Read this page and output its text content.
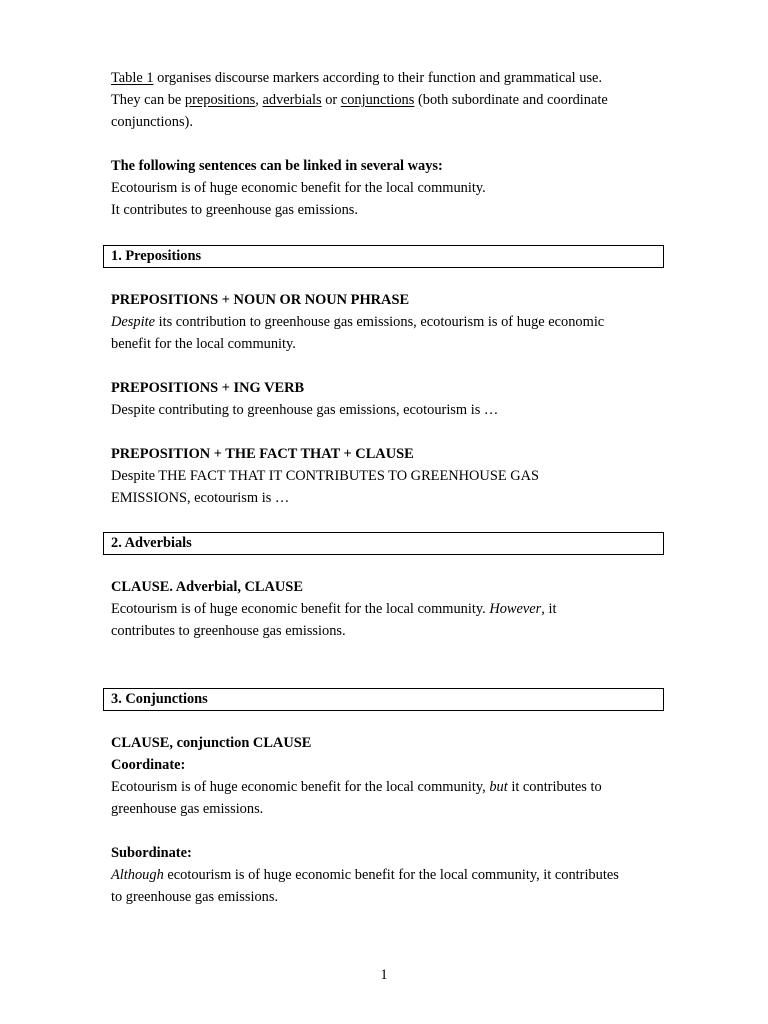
Table 1 organises discourse markers according to their function and grammatical use.
They can be prepositions, adverbials or conjunctions (both subordinate and coordinate
conjunctions).

The following sentences can be linked in several ways:

Ecotourism is of huge economic benefit for the local community.

It contributes to greenhouse gas emissions.

1. Prepositions

PREPOSITIONS + NOUN OR NOUN PHRASE

Despite its contribution to greenhouse gas emissions, ecotourism is of huge economic

benefit for the local community.

PREPOSITIONS + ING VERB

Despite contributing to greenhouse gas emissions, ecotourism is …

PREPOSITION + THE FACT THAT + CLAUSE

Despite THE FACT THAT IT CONTRIBUTES TO GREENHOUSE GAS

EMISSIONS, ecotourism is …

2. Adverbials

CLAUSE. Adverbial, CLAUSE

Ecotourism is of huge economic benefit for the local community. However, it

contributes to greenhouse gas emissions.

3. Conjunctions

CLAUSE, conjunction CLAUSE

Coordinate:

Ecotourism is of huge economic benefit for the local community, but it contributes to

greenhouse gas emissions.

Subordinate:

Although ecotourism is of huge economic benefit for the local community, it contributes

to greenhouse gas emissions.

1
